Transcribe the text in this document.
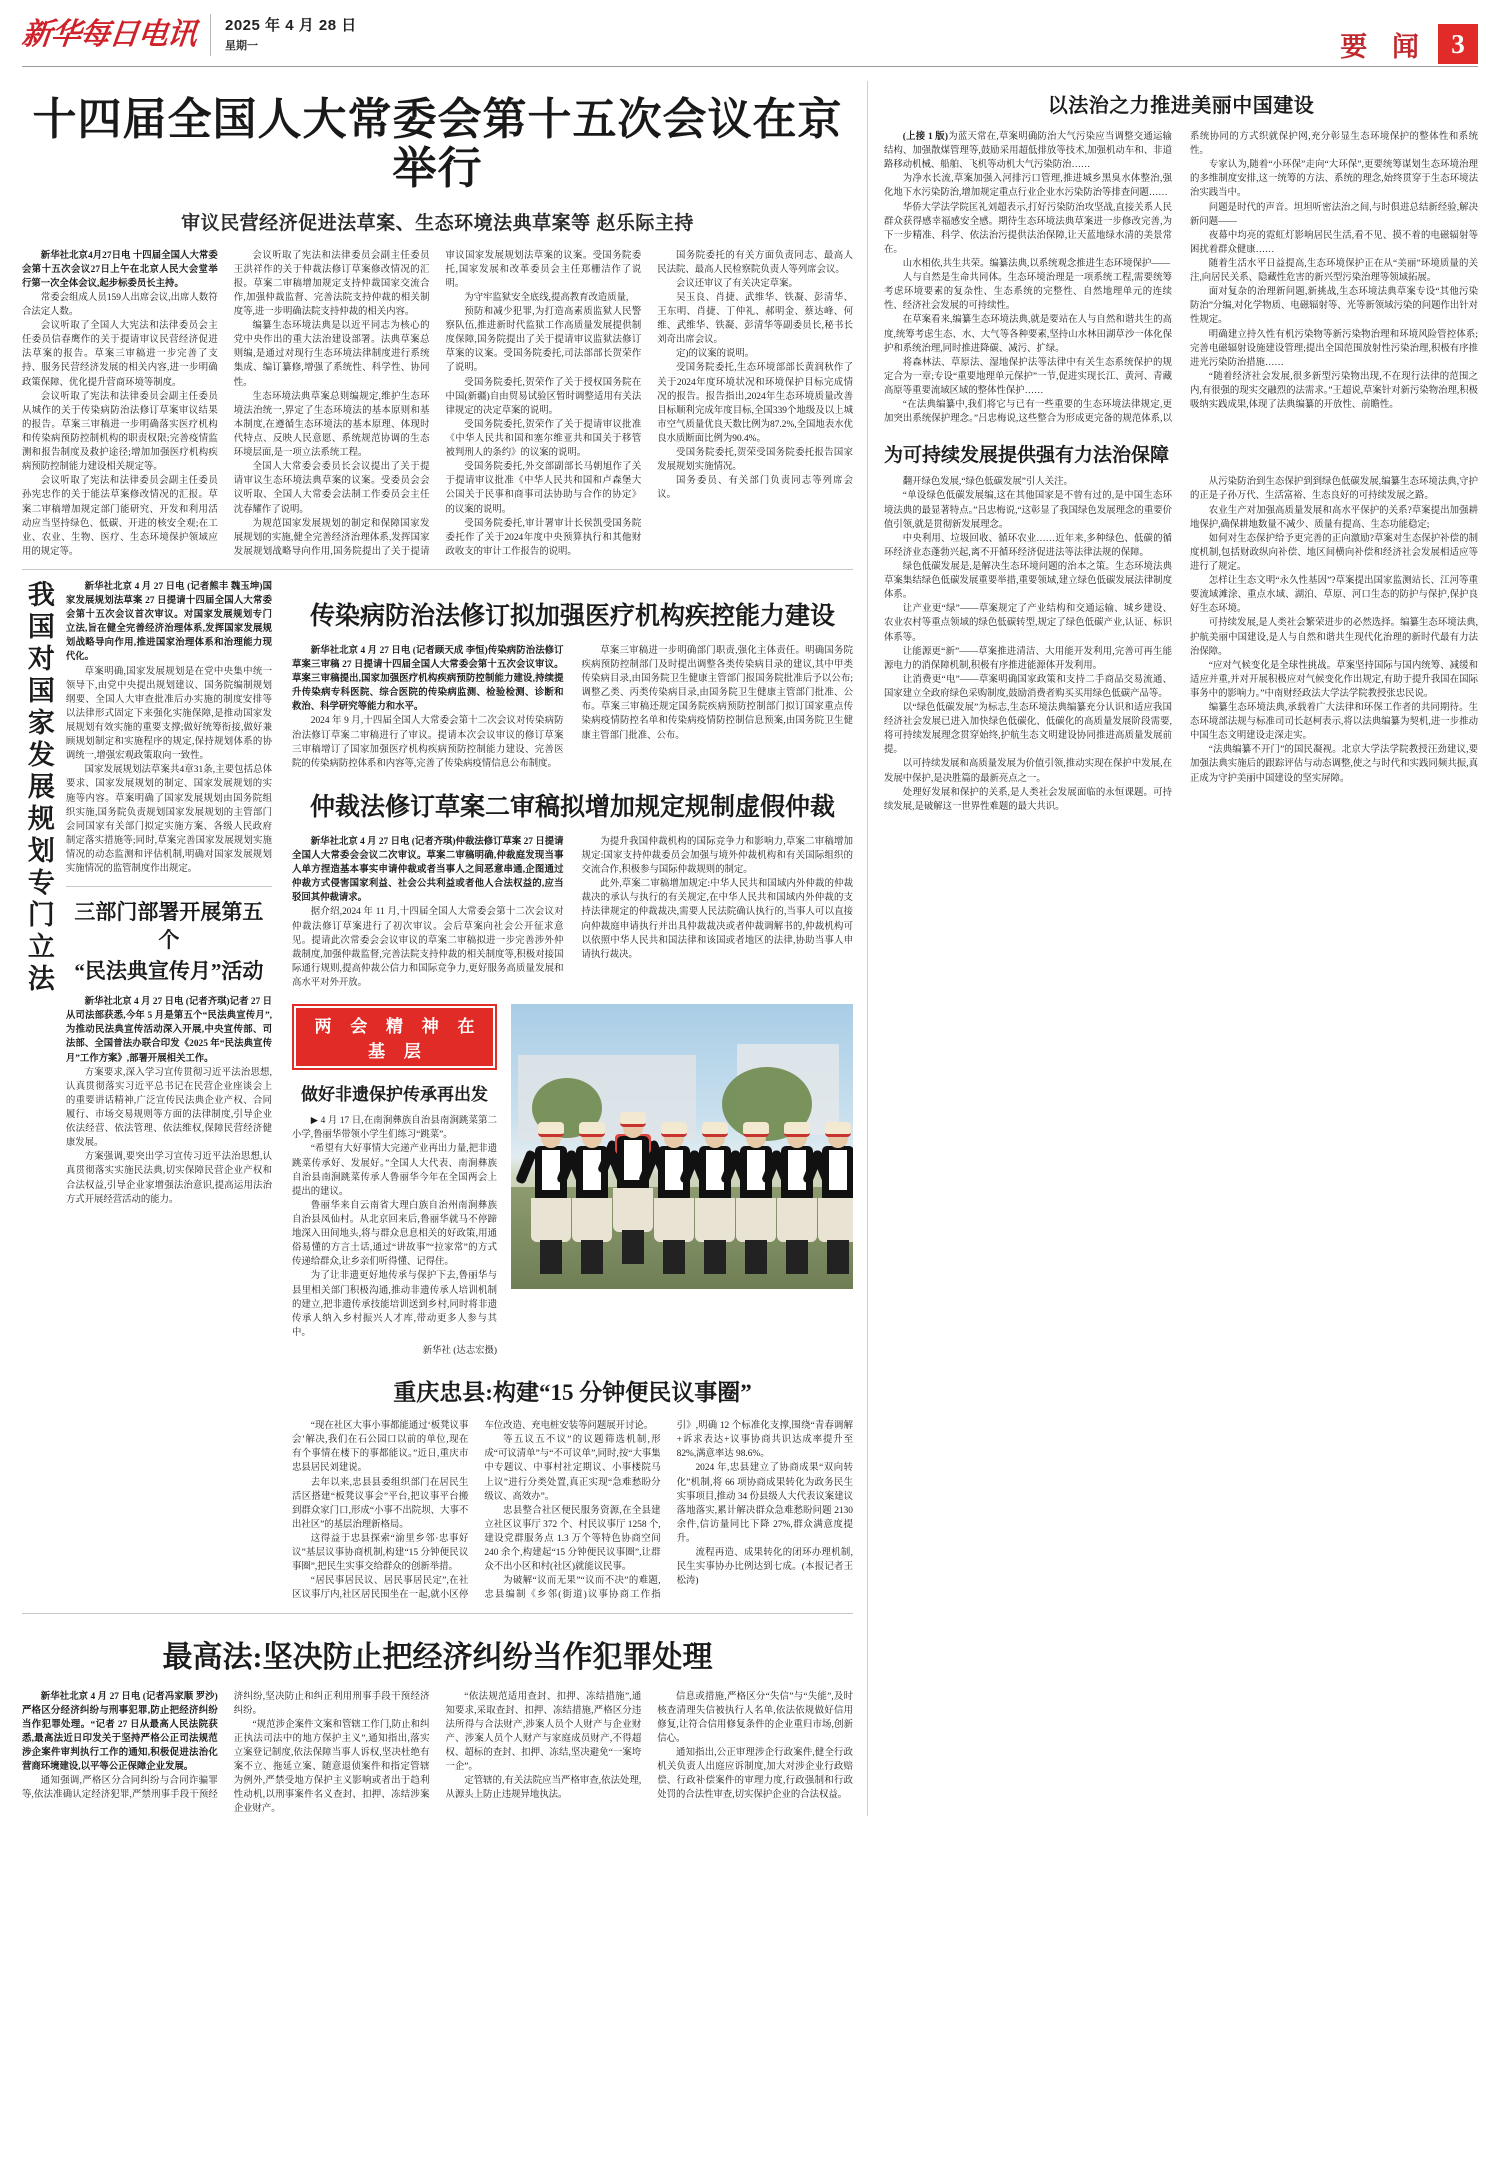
新华每日电讯 2025 年 4 月 28 日
星期一	要 闻 3
十四届全国人大常委会第十五次会议在京举行
审议民营经济促进法草案、生态环境法典草案等 赵乐际主持

新华社北京4月27日电 十四届全国人大常委会第十五次会议27日上午在北京人民大会堂举行第一次全体会议,起步标委员长主持。

常委会组成人员159人出席会议,出席人数符合法定人数。

会议听取了全国人大宪法和法律委员会主任委员信春鹰作的关于提请审议民营经济促进法草案的报告。草案三审稿进一步完善了支持、服务民营经济发展的相关内容,进一步明确政策保障、优化提升营商环境等制度。

会议听取了宪法和法律委员会副主任委员从城作的关于传染病防治法修订草案审议结果的报告。草案三审稿进一步明确落实医疗机构和传染病预防控制机构的职责权限;完善疫情监测和报告制度及救护途径;增加加强医疗机构疾病预防控制能力建设相关规定等。

会议听取了宪法和法律委员会副主任委员孙宪忠作的关于能法草案修改情况的汇报。草案二审稿增加规定部门能研究、开发和利用活动应当坚持绿色、低碳、开进的核安全观;在工业、农业、生物、医疗、生态环境保护领域应用的规定等。

会议听取了宪法和法律委员会副主任委员王洪祥作的关于仲裁法修订草案修改情况的汇报。草案二审稿增加规定支持仲裁国家交流合作,加强仲裁监督、完善法院支持仲裁的相关制度等,进一步明确法院支持仲裁的相关内容。

编纂生态环境法典是以近平同志为核心的党中央作出的重大法治建设部署。法典草案总则编,是通过对现行生态环境法律制度进行系统集成、编订纂修,增强了系统性、科学性、协同性。

生态环境法典草案总则编规定,维护生态环境法治统一,界定了生态环境法的基本原则和基本制度,在遵循生态环境法的基本原理、体现时代特点、反映人民意愿、系统规范协调的生态环境层面,是一项立法系统工程。

全国人大常委会委员长会议提出了关于提请审议生态环境法典草案的议案。受委员会会议听取、全国人大常委会法制工作委员会主任沈春耀作了说明。

为规范国家发展规划的制定和保障国家发展规划的实施,健全完善经济治理体系,发挥国家发展规划战略导向作用,国务院提出了关于提请审议国家发展规划法草案的议案。受国务院委托,国家发展和改革委员会主任郑栅洁作了说明。

为守牢监狱安全底线,提高教育改造质量,

预防和减少犯罪,为打造高素质监狱人民警察队伍,推进新时代监狱工作高质量发展提供制度保障,国务院提出了关于提请审议监狱法修订草案的议案。受国务院委托,司法部部长贺荣作了说明。

受国务院委托,贺荣作了关于授权国务院在中国(新疆)自由贸易试验区暂时调整适用有关法律规定的决定草案的说明。

受国务院委托,贺荣作了关于提请审议批准《中华人民共和国和塞尔维亚共和国关于移管被判刑人的条约》的议案的说明。

受国务院委托,外交部副部长马朝旭作了关于提请审议批准《中华人民共和国和卢森堡大公国关于民事和商事司法协助与合作的协定》的议案的说明。

受国务院委托,审计署审计长侯凯受国务院委托作了关于2024年度中央预算执行和其他财政收支的审计工作报告的说明。

国务院委托的有关方面负责同志、最高人民法院、最高人民检察院负责人等列席会议。

会议还审议了有关决定草案。

吴玉良、肖捷、武维华、铁凝、彭清华、王东明、肖捷、丁仲礼、郝明金、蔡达峰、何维、武维华、铁凝、彭清华等副委员长,秘书长刘奇出席会议。

定)的议案的说明。

受国务院委托,生态环境部部长黄润秋作了关于2024年度环境状况和环境保护目标完成情况的报告。报告指出,2024年生态环境质量改善目标顺利完成年度目标,全国339个地级及以上城市空气质量优良天数比例为87.2%,全国地表水优良水质断面比例为90.4%。

受国务院委托,贺荣受国务院委托报告国家发展规划实施情况。

国务委员、有关部门负责同志等列席会议。

我国对国家发展规划专门立法	新华社北京 4 月 27 日电 (记者熊丰 魏玉坤)国家发展规划法草案 27 日提请十四届全国人大常委会第十五次会议首次审议。对国家发展规划专门立法,旨在健全完善经济治理体系,发挥国家发展规划战略导向作用,推进国家治理体系和治理能力现代化。

草案明确,国家发展规划是在党中央集中统一领导下,由党中央提出规划建议、国务院编制规划纲要、全国人大审查批准后办实施的制度安排等以法律形式固定下来强化实施保障,是推动国家发展规划有效实施的重要支撑;做好统筹衔接,做好兼顾规划制定和实施程序的规定,保持规划体系的协调统一,增强宏观政策取向一致性。

国家发展规划法草案共4章31条,主要包括总体要求、国家发展规划的制定、国家发展规划的实施等内容。草案明确了国家发展规划由国务院组织实施,国务院负责规划国家发展规划的主管部门会同国家有关部门拟定实施方案、各级人民政府制定落实措施等;同时,草案完善国家发展规划实施情况的动态监测和评估机制,明确对国家发展规划实施情况的监管制度作出规定。

三部门部署开展第五个
“民法典宣传月”活动

新华社北京 4 月 27 日电 (记者齐琪)记者 27 日从司法部获悉,今年 5 月是第五个“民法典宣传月”,为推动民法典宣传活动深入开展,中央宣传部、司法部、全国普法办联合印发《2025 年“民法典宣传月”工作方案》,部署开展相关工作。

方案要求,深入学习宣传贯彻习近平法治思想,认真贯彻落实习近平总书记在民营企业座谈会上的重要讲话精神,广泛宣传民法典企业产权、合同履行、市场交易规则等方面的法律制度,引导企业依法经营、依法管理、依法维权,保障民营经济健康发展。

方案强调,要突出学习宣传习近平法治思想,认真贯彻落实实施民法典,切实保障民营企业产权和合法权益,引导企业家增强法治意识,提高运用法治方式开展经营活动的能力。

传染病防治法修订拟加强医疗机构疾控能力建设

新华社北京 4 月 27 日电 (记者顾天成 李恒)传染病防治法修订草案三审稿 27 日提请十四届全国人大常委会第十五次会议审议。草案三审稿提出,国家加强医疗机构疾病预防控制能力建设,持续提升传染病专科医院、综合医院的传染病监测、检验检测、诊断和救治、科学研究等能力和水平。

2024 年 9 月,十四届全国人大常委会第十二次会议对传染病防治法修订草案二审稿进行了审议。提请本次会议审议的修订草案三审稿增订了国家加强医疗机构疾病预防控制能力建设、完善医院的传染病防控体系和内容等,完善了传染病疫情信息公布制度。

草案三审稿进一步明确部门职责,强化主体责任。明确国务院疾病预防控制部门及时提出调整各类传染病目录的建议,其中甲类传染病目录,由国务院卫生健康主管部门报国务院批准后予以公布;调整乙类、丙类传染病目录,由国务院卫生健康主管部门批准、公布。草案三审稿还规定国务院疾病预防控制部门拟订国家重点传染病疫情防控名单和传染病疫情防控制信息预案,由国务院卫生健康主管部门批准、公布。

仲裁法修订草案二审稿拟增加规定规制虚假仲裁

新华社北京 4 月 27 日电 (记者齐琪)仲裁法修订草案 27 日提请全国人大常委会会议二次审议。草案二审稿明确,仲裁庭发现当事人单方捏造基本事实申请仲裁或者当事人之间恶意串通,企图通过仲裁方式侵害国家利益、社会公共利益或者他人合法权益的,应当驳回其仲裁请求。

据介绍,2024 年 11 月,十四届全国人大常委会第十二次会议对仲裁法修订草案进行了初次审议。会后草案向社会公开征求意见。提请此次常委会会议审议的草案二审稿拟进一步完善涉外仲裁制度,加强仲裁监督,完善法院支持仲裁的相关制度等,积极对接国际通行规则,提高仲裁公信力和国际竞争力,更好服务高质量发展和高水平对外开放。

为提升我国仲裁机构的国际竞争力和影响力,草案二审稿增加规定:国家支持仲裁委员会加强与境外仲裁机构和有关国际组织的交流合作,积极参与国际仲裁规则的制定。

此外,草案二审稿增加规定:中华人民共和国域内外仲裁的仲裁裁决的承认与执行的有关规定,在中华人民共和国域内外仲裁的支持法律规定的仲裁裁决,需要人民法院确认执行的,当事人可以直接向仲裁庭申请执行并出具仲裁裁决或者仲裁调解书的,仲裁机构可以依照中华人民共和国法律和该国或者地区的法律,协助当事人申请执行裁决。

两 会 精 神 在 基 层
做好非遗保护传承再出发

▶ 4 月 17 日,在南涧彝族自治县南涧跳菜第二小学,鲁丽华带领小学生们练习“跳菜”。

“希望有大好事情大完递产业再出力量,把非遗跳菜传承好、发展好。”全国人大代表、南涧彝族自治县南涧跳菜传承人鲁丽华今年在全国两会上提出的建议。

鲁丽华来自云南省大理白族自治州南涧彝族自治县凤仙村。从北京回来后,鲁丽华就马不停蹄地深入田间地头,将与群众息息相关的好政策,用通俗易懂的方言土话,通过“讲故事”“拉家常”的方式传递给群众,让乡亲们听得懂、记得住。

为了让非遗更好地传承与保护下去,鲁丽华与县里相关部门积极沟通,推动非遗传承人培训机制的建立,把非遗传承技能培训送到乡村,同时将非遗传承人纳入乡村振兴人才库,带动更多人参与其中。

新华社 (达志宏摄)

重庆忠县:构建“15 分钟便民议事圈”

“现在社区大事小事都能通过‘板凳议事会’解决,我们在石公园口以前的单位,现在有个事情在楼下的事都能议。”近日,重庆市忠县居民刘建说。

去年以来,忠县县委组织部门在居民生活区搭建“板凳议事会”平台,把议事平台搬到群众家门口,形成“小事不出院坝、大事不出社区”的基层治理新格局。

这得益于忠县探索“渝里乡邻·忠事好议”基层议事协商机制,构建“15 分钟便民议事圈”,把民生实事交给群众的创新举措。

“居民事居民议、居民事居民定”,在社区议事厅内,社区居民围坐在一起,就小区停车位改造、充电桩安装等问题展开讨论。

等五议五不议”的议题筛选机制,形成“可议清单”与“不可议单”,同时,按“大事集中专题议、中事村社定期议、小事楼院马上议”进行分类处置,真正实现“急难愁盼分级议、高效办”。

忠县整合社区便民服务资源,在全县建立社区议事厅 372 个、村民议事厅 1258 个,建设党群服务点 1.3 万个等特色协商空间 240 余个,构建起“15 分钟便民议事圈”,让群众不出小区和村(社区)就能议民事。

为破解“议而无果”“议而不决”的难题,忠县编制《乡邻(街道)议事协商工作指引》,明确 12 个标准化支撑,围绕“青春调解+诉求表达+议事协商共识达成率提升至 82%,满意率达 98.6%。

2024 年,忠县建立了协商成果“双向转化”机制,将 66 项协商成果转化为政务民生实事项目,推动 34 份县级人大代表议案建议落地落实,累计解决群众急难愁盼问题 2130 余件,信访量同比下降 27%,群众满意度提升。

流程再造、成果转化的闭环办理机制,民生实事协办比例达到七成。(本报记者王松涛)

最高法:坚决防止把经济纠纷当作犯罪处理

新华社北京 4 月 27 日电 (记者冯家顺 罗沙)严格区分经济纠纷与刑事犯罪,防止把经济纠纷当作犯罪处理。“记者 27 日从最高人民法院获悉,最高法近日印发关于坚持严格公正司法规范涉企案件审判执行工作的通知,积极促进法治化营商环境建设,以平等公正保障企业发展。

通知强调,严格区分合同纠纷与合同诈骗罪等,依法准确认定经济犯罪,严禁刑事手段干预经济纠纷,坚决防止和纠正利用刑事手段干预经济纠纷。

“规范涉企案件文案和管辖工作门,防止和纠正执法司法中的地方保护主义”,通知指出,落实立案登记制度,依法保障当事人诉权,坚决杜绝有案不立、拖延立案、随意退侦案件和指定管辖为例外,严禁受地方保护主义影响或者出于趋利性动机,以刑事案件名义查封、扣押、冻结涉案企业财产。

“依法规范适用查封、扣押、冻结措施”,通知要求,采取查封、扣押、冻结措施,严格区分违法所得与合法财产,涉案人员个人财产与企业财产、涉案人员个人财产与家庭成员财产,不得超权、超标的查封、扣押、冻结,坚决避免“一案垮一企”。

定管辖的,有关法院应当严格审查,依法处理,从源头上防止违规异地执法。

信息或措施,严格区分“失信”与“失能”,及时核查清理失信被执行人名单,依法依规做好信用修复,让符合信用修复条件的企业重归市场,创新信心。

通知指出,公正审理涉企行政案件,健全行政机关负责人出庭应诉制度,加大对涉企业行政赔偿、行政补偿案件的审理力度,行政强制和行政处罚的合法性审查,切实保护企业的合法权益。

以法治之力推进美丽中国建设

(上接 1 版)为蓝天常在,草案明确防治大气污染应当调整交通运输结构、加强散煤管理等,鼓励采用超低排放等技术,加强机动车和、非道路移动机械、船舶、飞机等动机大气污染防治……

为净水长流,草案加强入河排污口管理,推进城乡黑臭水体整治,强化地下水污染防治,增加规定重点行业企业水污染防治等排查问题……

华侨大学法学院匡礼刘超表示,打好污染防治攻坚战,直接关系人民群众获得感幸福感安全感。期待生态环境法典草案进一步修改完善,为下一步精准、科学、依法治污提供法治保障,让天蓝地绿水清的美景常在。

山水相依,共生共荣。编纂法典,以系统观念推进生态环境保护——

人与自然是生命共同体。生态环境治理是一项系统工程,需要统筹考虑环境要素的复杂性、生态系统的完整性、自然地理单元的连续性、经济社会发展的可持续性。

在草案看来,编纂生态环境法典,就是要站在人与自然和谐共生的高度,统筹考虑生态、水、大气等各种要素,坚持山水林田湖草沙一体化保护和系统治理,同时推进降碳、减污、扩绿。

将森林法、草原法、湿地保护法等法律中有关生态系统保护的规定合为一章;专设“重要地理单元保护”一节,促进实现长江、黄河、青藏高原等重要流域区域的整体性保护……

“在法典编纂中,我们将它与已有一些重要的生态环境法律规定,更加突出系统保护理念。”吕忠梅说,这些整合为形成更完备的规范体系,以系统协同的方式织就保护网,充分彰显生态环境保护的整体性和系统性。

专家认为,随着“小环保”走向“大环保”,更要统筹谋划生态环境治理的多维制度安排,这一统筹的方法、系统的理念,始终贯穿于生态环境法治实践当中。

问题是时代的声音。坦坦听密法治之间,与时俱进总结新经验,解决新问题——

夜幕中均亮的霓虹灯影响居民生活,看不见、摸不着的电磁辐射等困扰着群众健康……

随着生活水平日益提高,生态环境保护正在从“美丽”环境质量的关注,向居民关系、隐藏性危害的新兴型污染治理等领域拓展。

面对复杂的治理新问题,新挑战,生态环境法典草案专设“其他污染防治”分编,对化学物质、电磁辐射等、光等新领域污染的问题作出针对性规定。

明确建立持久性有机污染物等新污染物治理和环境风险管控体系;完善电磁辐射设施建设管理;提出全国范围放射性污染治理,积极有序推进光污染防治措施……

“随着经济社会发展,很多新型污染物出现,不在现行法律的范围之内,有很强的现实交融烈的法需求。”王超说,草案针对新污染物治理,积极吸纳实践成果,体现了法典编纂的开放性、前瞻性。

为可持续发展提供强有力法治保障

翻开绿色发展,“绿色低碳发展”引人关注。

“单设绿色低碳发展编,这在其他国家是不曾有过的,是中国生态环境法典的最显著特点。”吕忠梅说,“这彰显了我国绿色发展理念的重要价值引领,就是贯彻新发展理念。

中央利用、垃圾回收、循环农业……近年来,多种绿色、低碳的循环经济业态蓬勃兴起,离不开循环经济促进法等法律法规的保障。

绿色低碳发展是,是解决生态环境问题的治本之策。生态环境法典草案集结绿色低碳发展重要举措,重要领域,建立绿色低碳发展法律制度体系。

让产业更“绿”——草案规定了产业结构和交通运输、城乡建设、农业农村等重点领域的绿色低碳转型,规定了绿色低碳产业,认证、标识体系等。

让能源更“新”——草案推进清洁、大用能开发利用,完善可再生能源电力的消保障机制,积极有序推进能源体开发利用。

让消费更“电”——草案明确国家政策和支持二手商品交易流通、国家建立全政府绿色采购制度,鼓励消费者购买买用绿色低碳产品等。

以“绿色低碳发展”为标志,生态环境法典编纂充分认识和适应我国经济社会发展已进入加快绿色低碳化、低碳化的高质量发展阶段需要,将可持续发展理念贯穿始终,护航生态文明建设协同推进高质量发展前提。

以可持续发展和高质量发展为价值引领,推动实现在保护中发展,在发展中保护,是决胜篇的最新亮点之一。

处理好发展和保护的关系,是人类社会发展面临的永恒课题。可持续发展,是破解这一世界性难题的最大共识。

从污染防治到生态保护到到绿色低碳发展,编纂生态环境法典,守护的正是子孙万代、生活富裕、生态良好的可持续发展之路。

农业生产对加强高质量发展和高水平保护的关系?草案提出加强耕地保护,确保耕地数量不减少、质量有提高、生态功能稳定;

如何对生态保护给予更完善的正向激励?草案对生态保护补偿的制度机制,包括财政纵向补偿、地区间横向补偿和经济社会发展相适应等进行了规定。

怎样让生态文明“永久性基因”?草案提出国家监测站长、江河等重要流域滩涂、重点水域、湖泊、草原、河口生态的防护与保护,保护良好生态环境。

可持续发展,是人类社会繁荣进步的必然选择。编纂生态环境法典,护航美丽中国建设,是人与自然和谐共生现代化治理的新时代最有力法治保障。

“应对气候变化是全球性挑战。草案坚持国际与国内统筹、减缓和适应并重,并对开展积极应对气候变化作出规定,有助于提升我国在国际事务中的影响力。”中南财经政法大学法学院教授张忠民说。

编纂生态环境法典,承载着广大法律和环保工作者的共同期待。生态环境部法规与标准司司长赵柯表示,将以法典编纂为契机,进一步推动中国生态文明建设走深走实。

“法典编纂不开门”的国民凝视。北京大学法学院教授汪劲建议,要加强法典实施后的跟踪评估与动态调整,使之与时代和实践同频共振,真正成为守护美丽中国建设的坚实屏障。
